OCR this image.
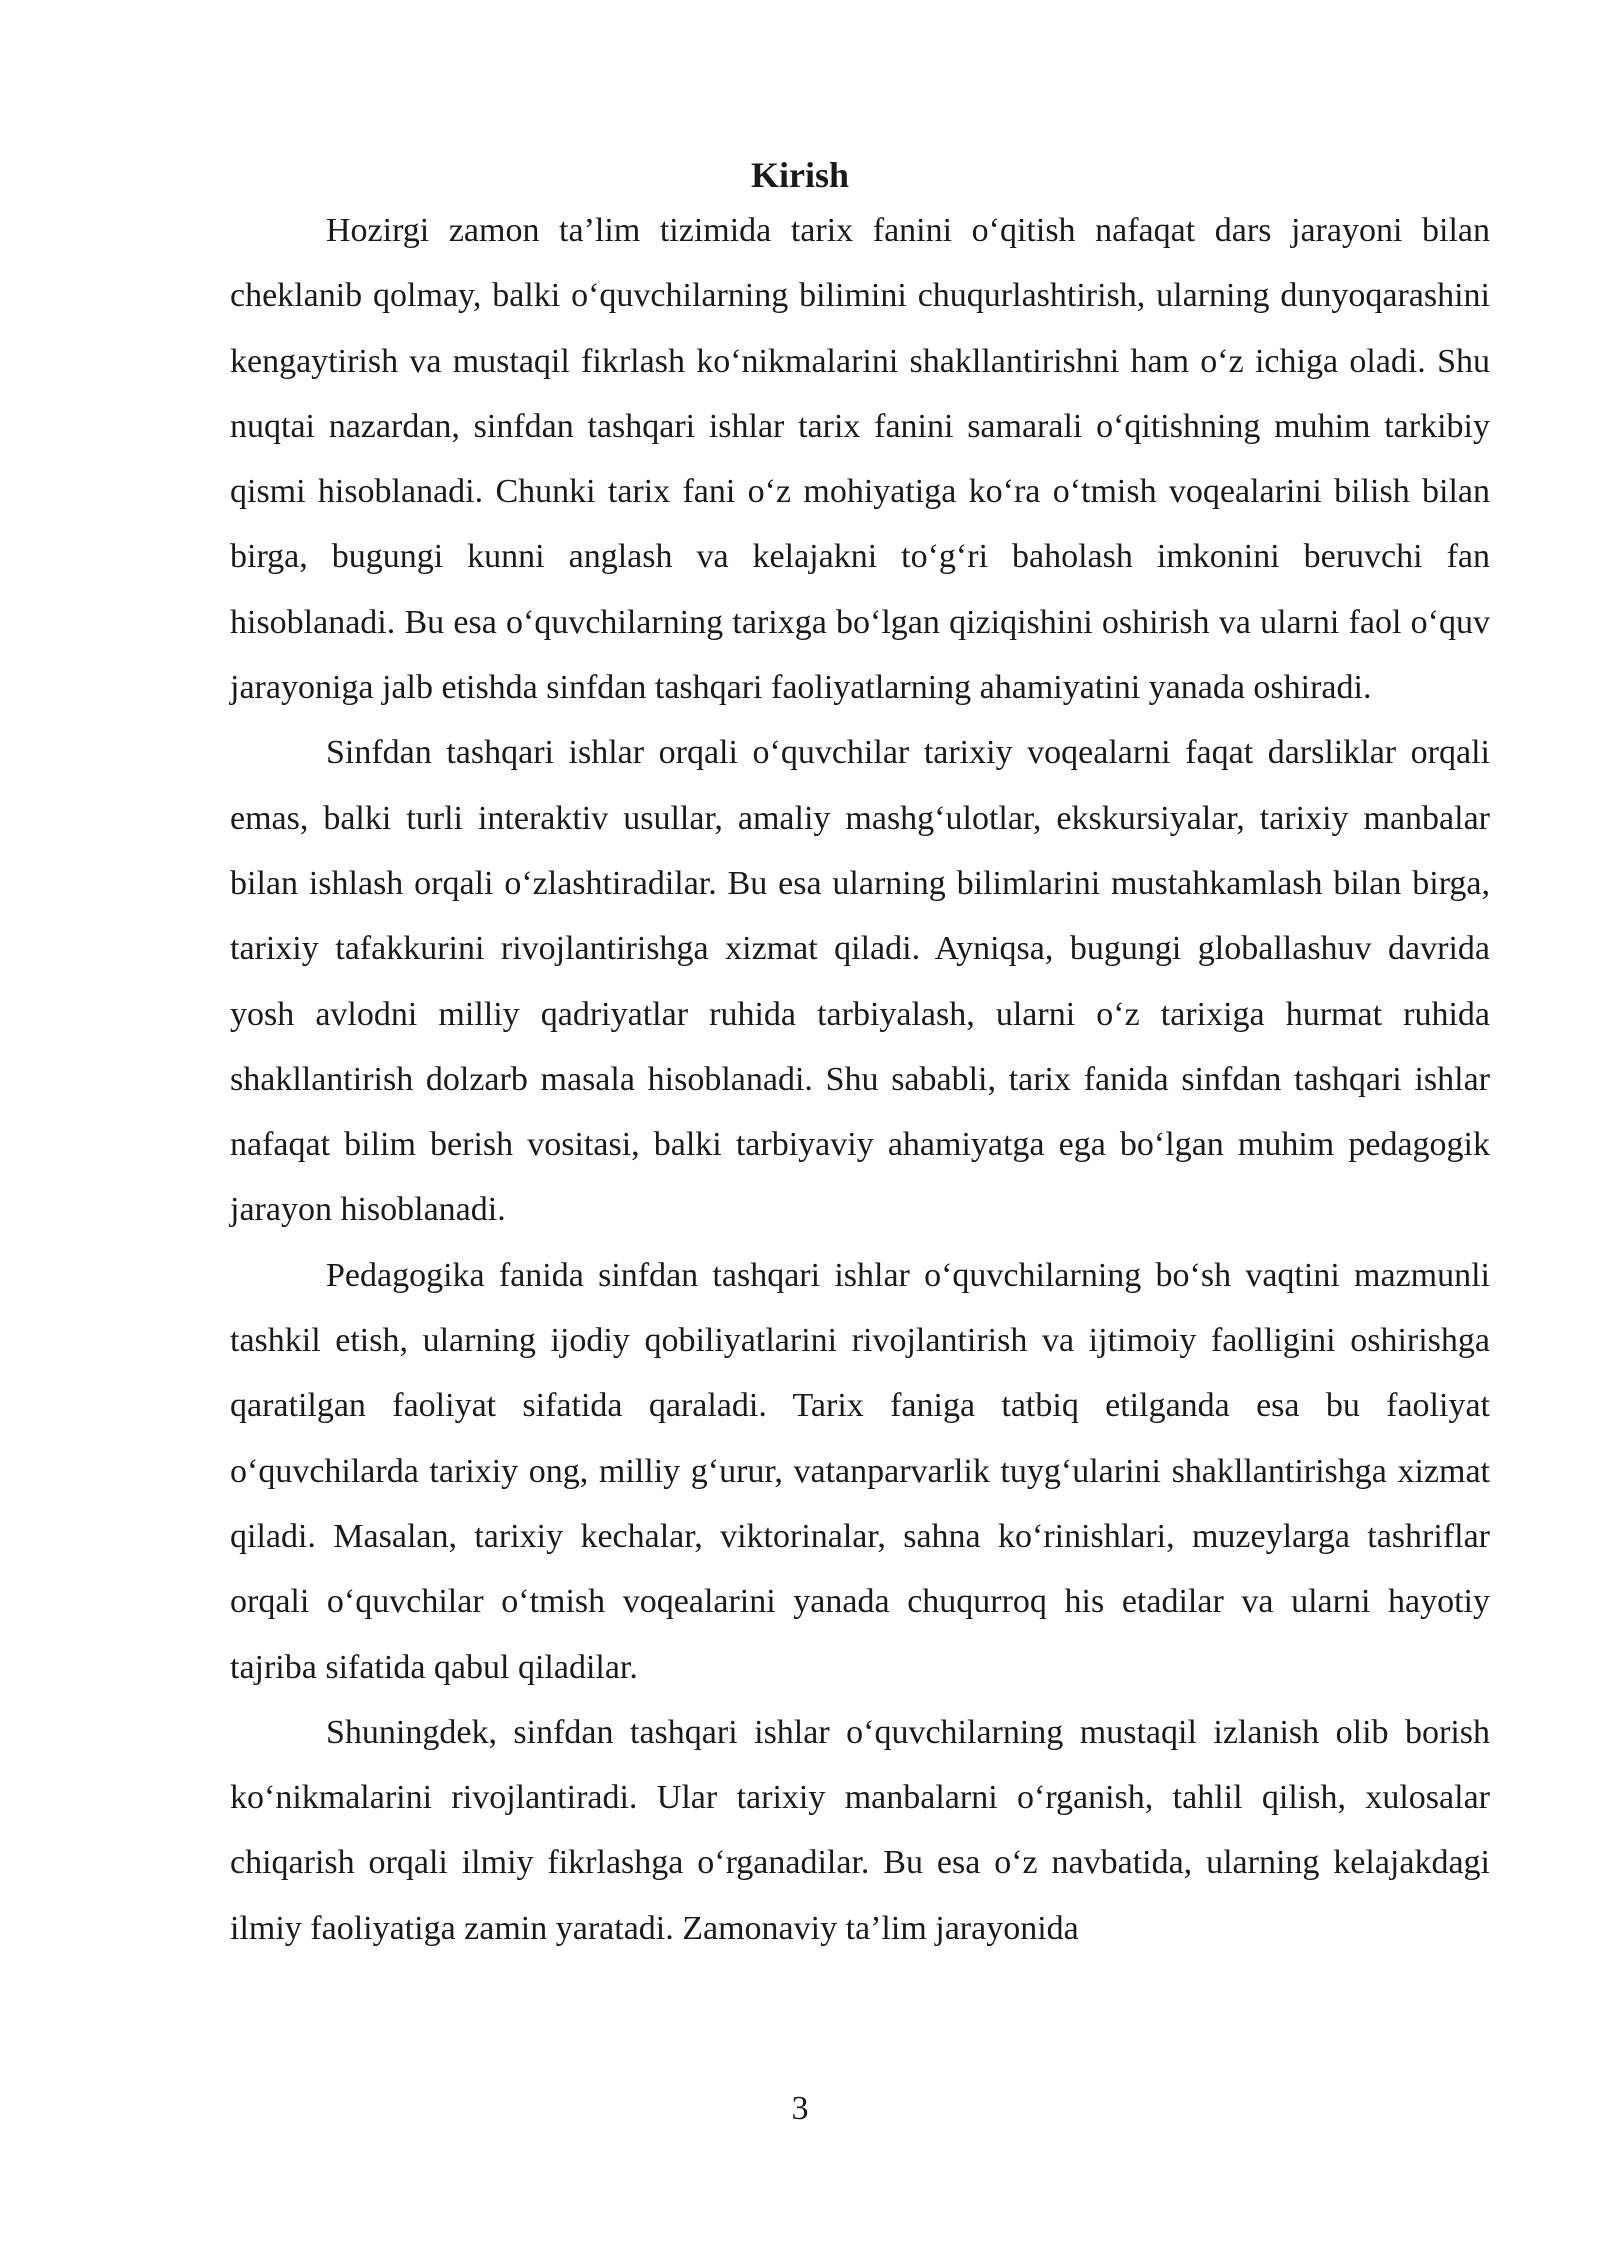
Kirish

Hozirgi zamon ta’lim tizimida tarix fanini o‘qitish nafaqat dars jarayoni bilan cheklanib qolmay, balki o‘quvchilarning bilimini chuqurlashtirish, ularning dunyoqarashini kengaytirish va mustaqil fikrlash ko‘nikmalarini shakllantirishni ham o‘z ichiga oladi. Shu nuqtai nazardan, sinfdan tashqari ishlar tarix fanini samarali o‘qitishning muhim tarkibiy qismi hisoblanadi. Chunki tarix fani o‘z mohiyatiga ko‘ra o‘tmish voqealarini bilish bilan birga, bugungi kunni anglash va kelajakni to‘g‘ri baholash imkonini beruvchi fan hisoblanadi. Bu esa o‘quvchilarning tarixga bo‘lgan qiziqishini oshirish va ularni faol o‘quv jarayoniga jalb etishda sinfdan tashqari faoliyatlarning ahamiyatini yanada oshiradi.

Sinfdan tashqari ishlar orqali o‘quvchilar tarixiy voqealarni faqat darsliklar orqali emas, balki turli interaktiv usullar, amaliy mashg‘ulotlar, ekskursiyalar, tarixiy manbalar bilan ishlash orqali o‘zlashtiradilar. Bu esa ularning bilimlarini mustahkamlash bilan birga, tarixiy tafakkurini rivojlantirishga xizmat qiladi. Ayniqsa, bugungi globallashuv davrida yosh avlodni milliy qadriyatlar ruhida tarbiyalash, ularni o‘z tarixiga hurmat ruhida shakllantirish dolzarb masala hisoblanadi. Shu sababli, tarix fanida sinfdan tashqari ishlar nafaqat bilim berish vositasi, balki tarbiyaviy ahamiyatga ega bo‘lgan muhim pedagogik jarayon hisoblanadi.

Pedagogika fanida sinfdan tashqari ishlar o‘quvchilarning bo‘sh vaqtini mazmunli tashkil etish, ularning ijodiy qobiliyatlarini rivojlantirish va ijtimoiy faolligini oshirishga qaratilgan faoliyat sifatida qaraladi. Tarix faniga tatbiq etilganda esa bu faoliyat o‘quvchilarda tarixiy ong, milliy g‘urur, vatanparvarlik tuyg‘ularini shakllantirishga xizmat qiladi. Masalan, tarixiy kechalar, viktorinalar, sahna ko‘rinishlari, muzeylarga tashriflar orqali o‘quvchilar o‘tmish voqealarini yanada chuqurroq his etadilar va ularni hayotiy tajriba sifatida qabul qiladilar.

Shuningdek, sinfdan tashqari ishlar o‘quvchilarning mustaqil izlanish olib borish ko‘nikmalarini rivojlantiradi. Ular tarixiy manbalarni o‘rganish, tahlil qilish, xulosalar chiqarish orqali ilmiy fikrlashga o‘rganadilar. Bu esa o‘z navbatida, ularning kelajakdagi ilmiy faoliyatiga zamin yaratadi. Zamonaviy ta’lim jarayonida

3
